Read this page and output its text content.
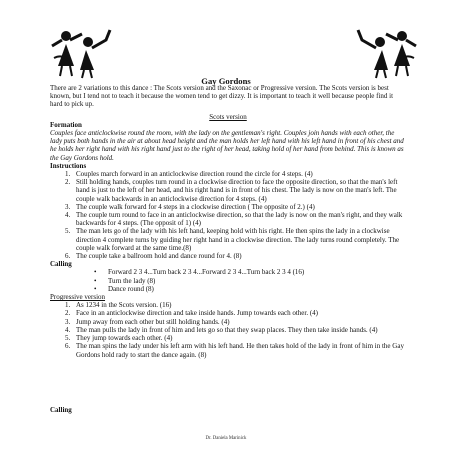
Gay Gordons

There are 2 variations to this dance : The Scots version and the Saxonac or Progressive version. The Scots version is best known, but I tend not to teach it because the women tend to get dizzy. It is important to teach it well because people find it hard to pick up.

Scots version

Formation

Couples face anticlockwise round the room, with the lady on the gentleman's right. Couples join hands with each other, the lady puts both hands in the air at about head height and the man holds her left hand with his left hand in front of his chest and he holds her right hand with his right hand just to the right of her head, taking hold of her hand from behind. This is known as the Gay Gordons hold.

Instructions

1. Couples march forward in an anticlockwise direction round the circle for 4 steps. (4)
2. Still holding hands, couples turn round in a clockwise direction to face the opposite direction, so that the man's left hand is just to the left of her head, and his right hand is in front of his chest. The lady is now on the man's left. The couple walk backwards in an anticlockwise direction for 4 steps. (4)
3. The couple walk forward for 4 steps in a clockwise direction ( The opposite of 2.) (4)
4. The couple turn round to face in an anticlockwise direction, so that the lady is now on the man's right, and they walk backwards for 4 steps. (The opposit of 1) (4)
5. The man lets go of the lady with his left hand, keeping hold with his right. He then spins the lady in a clockwise direction 4 complete turns by guiding her right hand in a clockwise direction. The lady turns round completely. The couple walk forward at the same time.(8)
6. The couple take a ballroom hold and dance round for 4. (8)

Calling

• Forward 2 3 4...Turn back 2 3 4...Forward 2 3 4...Turn back 2 3 4 (16)
• Turn the lady (8)
• Dance round (8)

Progressive version

1. As 1234 in the Scots version. (16)
2. Face in an anticlockwise direction and take inside hands. Jump towards each other. (4)
3. Jump away from each other but still holding hands. (4)
4. The man pulls the lady in front of him and lets go so that they swap places. They then take inside hands. (4)
5. They jump towards each other. (4)
6. The man spins the lady under his left arm with his left hand. He then takes hold of the lady in front of him in the Gay Gordons hold rady to start the dance again. (8)
Calling
Dr. Daniela Marinick
